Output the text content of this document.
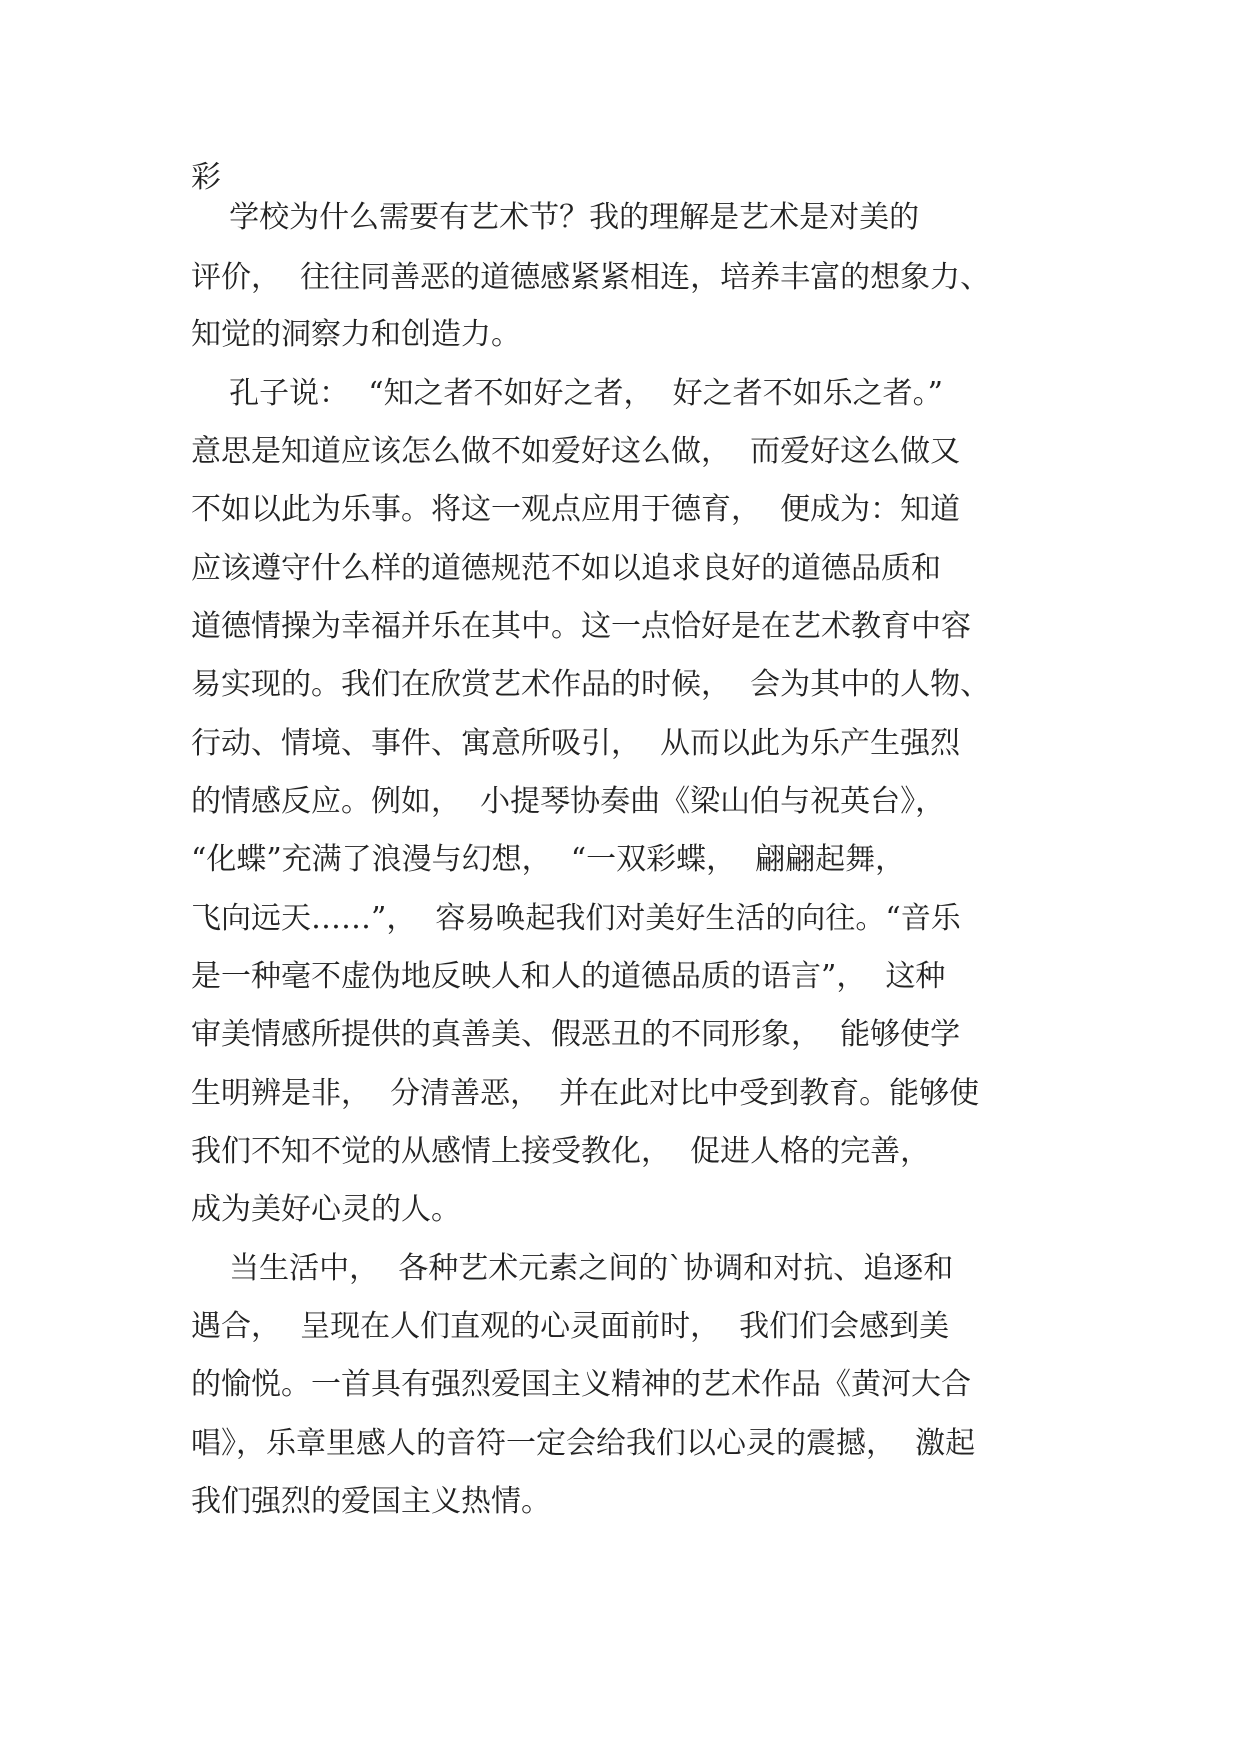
彩
学校为什么需要有艺术节？我的理解是艺术是对美的
评价，  往往同善恶的道德感紧紧相连，培养丰富的想象力、
知觉的洞察力和创造力。
孔子说：  “知之者不如好之者，  好之者不如乐之者。”
意思是知道应该怎么做不如爱好这么做，  而爱好这么做又
不如以此为乐事。将这一观点应用于德育，  便成为：知道
应该遵守什么样的道德规范不如以追求良好的道德品质和
道德情操为幸福并乐在其中。这一点恰好是在艺术教育中容
易实现的。我们在欣赏艺术作品的时候，  会为其中的人物、
行动、情境、事件、寓意所吸引，  从而以此为乐产生强烈
的情感反应。例如，  小提琴协奏曲《梁山伯与祝英台》，
“化蝶”充满了浪漫与幻想，  “一双彩蝶，  翩翩起舞，
飞向远天……”，  容易唤起我们对美好生活的向往。“音乐
是一种毫不虚伪地反映人和人的道德品质的语言”，  这种
审美情感所提供的真善美、假恶丑的不同形象，  能够使学
生明辨是非，  分清善恶，  并在此对比中受到教育。能够使
我们不知不觉的从感情上接受教化，  促进人格的完善，
成为美好心灵的人。
当生活中，  各种艺术元素之间的`协调和对抗、追逐和
遇合，  呈现在人们直观的心灵面前时，  我们们会感到美
的愉悦。一首具有强烈爱国主义精神的艺术作品《黄河大合
唱》，乐章里感人的音符一定会给我们以心灵的震撼，  激起
我们强烈的爱国主义热情。
